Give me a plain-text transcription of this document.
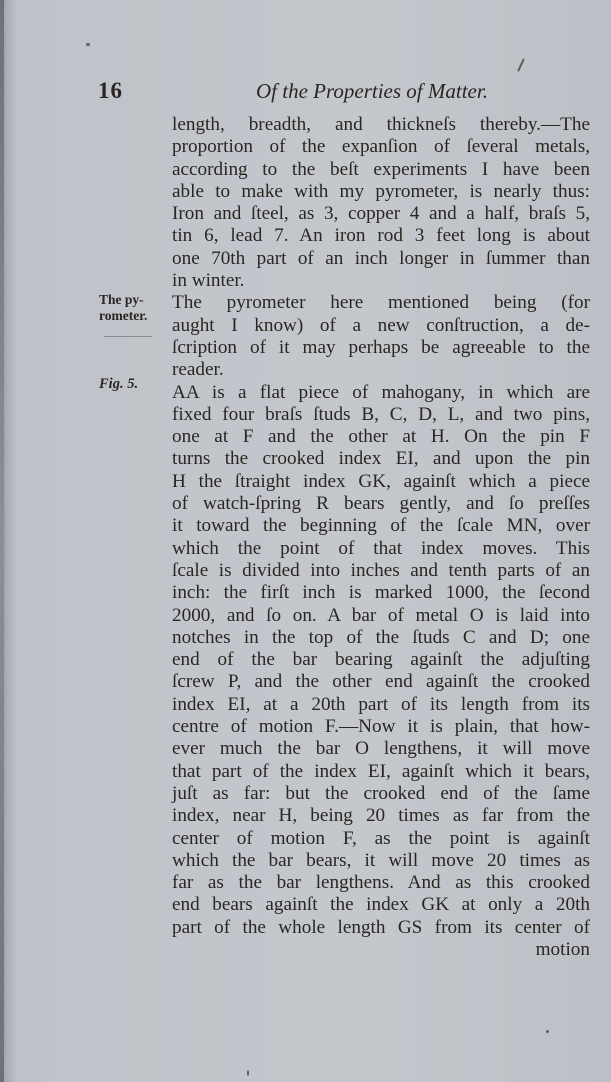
16	Of the Properties of Matter.
The py-
rometer.
Fig. 5.
length, breadth, and thickneſs thereby.—The
proportion of the expanſion of ſeveral metals,
according to the beſt experiments I have been
able to make with my pyrometer, is nearly thus:
Iron and ſteel, as 3, copper 4 and a half, braſs 5,
tin 6, lead 7. An iron rod 3 feet long is about
one 70th part of an inch longer in ſummer than
in winter.
The pyrometer here mentioned being (for
aught I know) of a new conſtruction, a de-
ſcription of it may perhaps be agreeable to the
reader.
AA is a flat piece of mahogany, in which are
fixed four braſs ſtuds B, C, D, L, and two pins,
one at F and the other at H. On the pin F
turns the crooked index EI, and upon the pin
H the ſtraight index GK, againſt which a piece
of watch-ſpring R bears gently, and ſo preſſes
it toward the beginning of the ſcale MN, over
which the point of that index moves. This
ſcale is divided into inches and tenth parts of an
inch: the firſt inch is marked 1000, the ſecond
2000, and ſo on. A bar of metal O is laid into
notches in the top of the ſtuds C and D; one
end of the bar bearing againſt the adjuſting
ſcrew P, and the other end againſt the crooked
index EI, at a 20th part of its length from its
centre of motion F.—Now it is plain, that how-
ever much the bar O lengthens, it will move
that part of the index EI, againſt which it bears,
juſt as far: but the crooked end of the ſame
index, near H, being 20 times as far from the
center of motion F, as the point is againſt
which the bar bears, it will move 20 times as
far as the bar lengthens. And as this crooked
end bears againſt the index GK at only a 20th
part of the whole length GS from its center of
motion
